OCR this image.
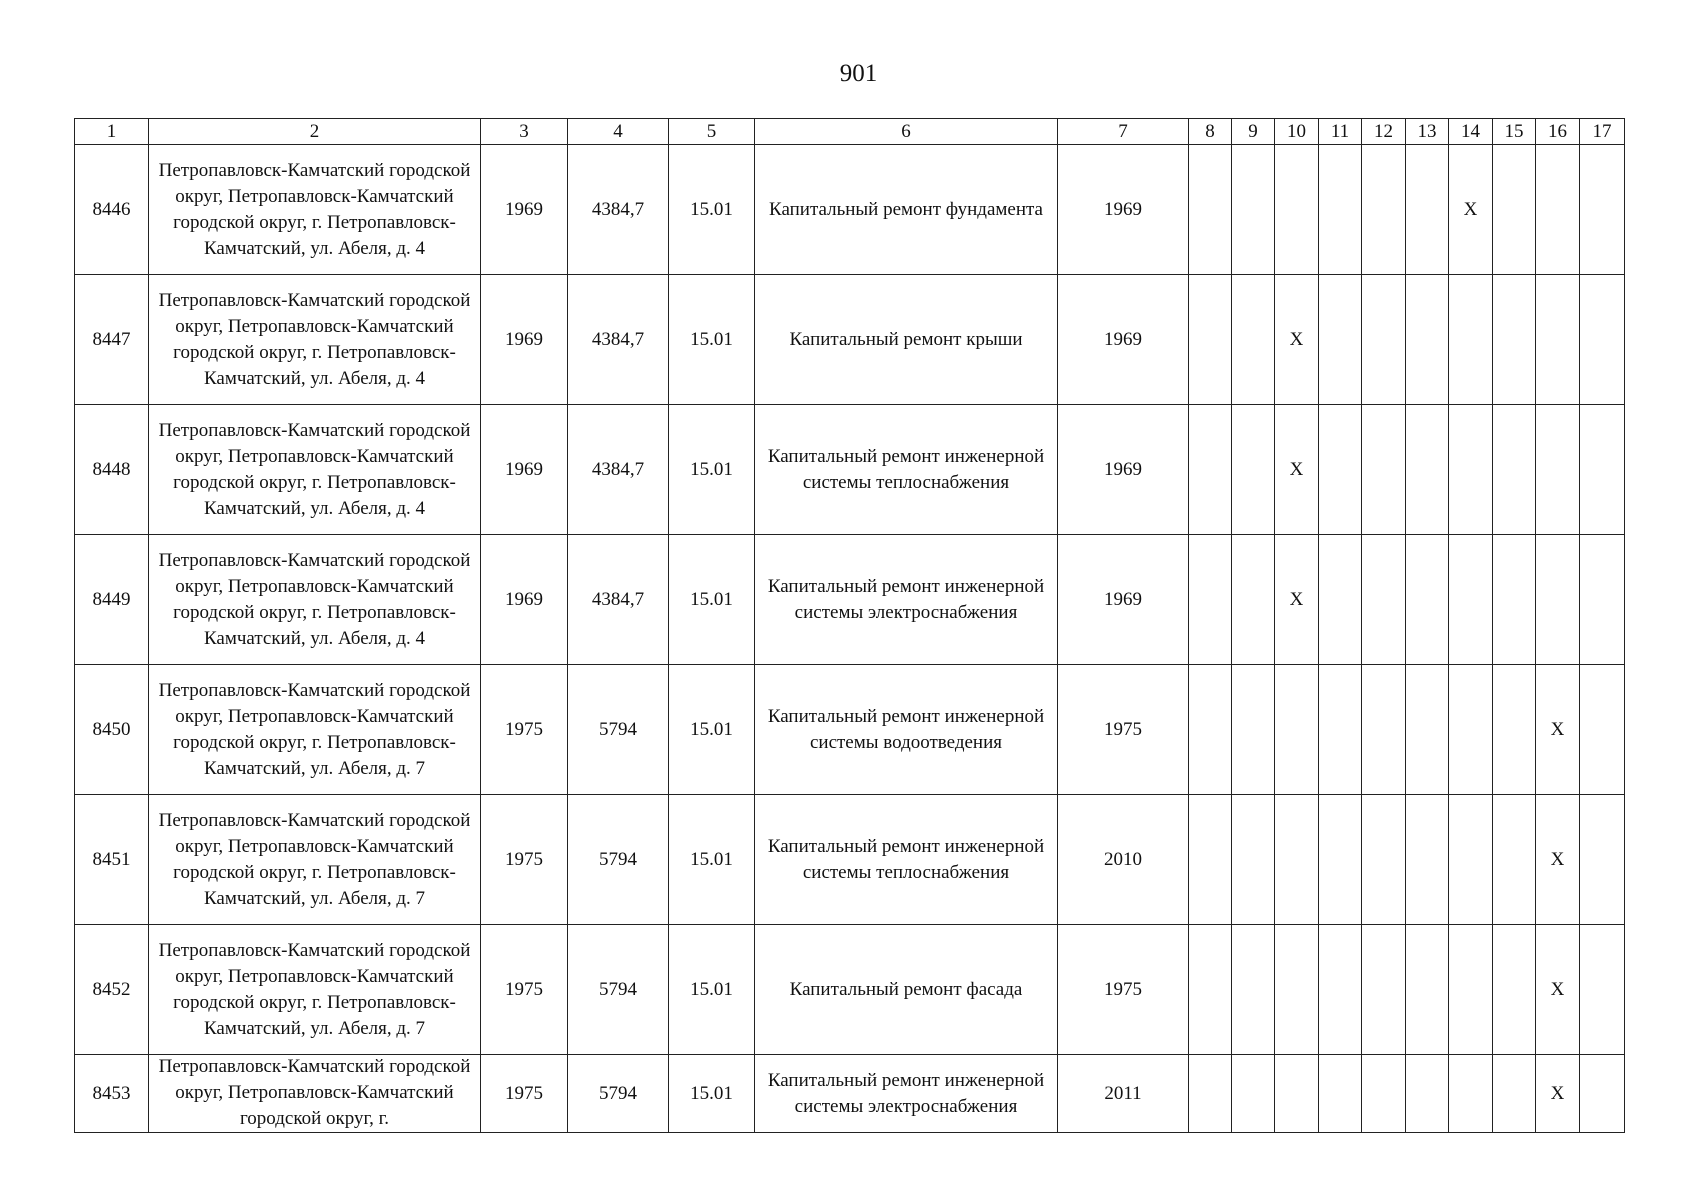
901
1	2	3	4	5	6	7	8	9	10	11	12	13	14	15	16	17
8446	Петропавловск-Камчатский городской округ, Петропавловск-Камчатский городской округ, г. Петропавловск-Камчатский, ул. Абеля, д. 4	1969	4384,7	15.01	Капитальный ремонт фундамента	1969							X			
8447	Петропавловск-Камчатский городской округ, Петропавловск-Камчатский городской округ, г. Петропавловск-Камчатский, ул. Абеля, д. 4	1969	4384,7	15.01	Капитальный ремонт крыши	1969			X							
8448	Петропавловск-Камчатский городской округ, Петропавловск-Камчатский городской округ, г. Петропавловск-Камчатский, ул. Абеля, д. 4	1969	4384,7	15.01	Капитальный ремонт инженерной системы теплоснабжения	1969			X							
8449	Петропавловск-Камчатский городской округ, Петропавловск-Камчатский городской округ, г. Петропавловск-Камчатский, ул. Абеля, д. 4	1969	4384,7	15.01	Капитальный ремонт инженерной системы электроснабжения	1969			X							
8450	Петропавловск-Камчатский городской округ, Петропавловск-Камчатский городской округ, г. Петропавловск-Камчатский, ул. Абеля, д. 7	1975	5794	15.01	Капитальный ремонт инженерной системы водоотведения	1975									X	
8451	Петропавловск-Камчатский городской округ, Петропавловск-Камчатский городской округ, г. Петропавловск-Камчатский, ул. Абеля, д. 7	1975	5794	15.01	Капитальный ремонт инженерной системы теплоснабжения	2010									X	
8452	Петропавловск-Камчатский городской округ, Петропавловск-Камчатский городской округ, г. Петропавловск-Камчатский, ул. Абеля, д. 7	1975	5794	15.01	Капитальный ремонт фасада	1975									X	
8453	Петропавловск-Камчатский городской округ, Петропавловск-Камчатский городской округ, г.	1975	5794	15.01	Капитальный ремонт инженерной системы электроснабжения	2011									X	
